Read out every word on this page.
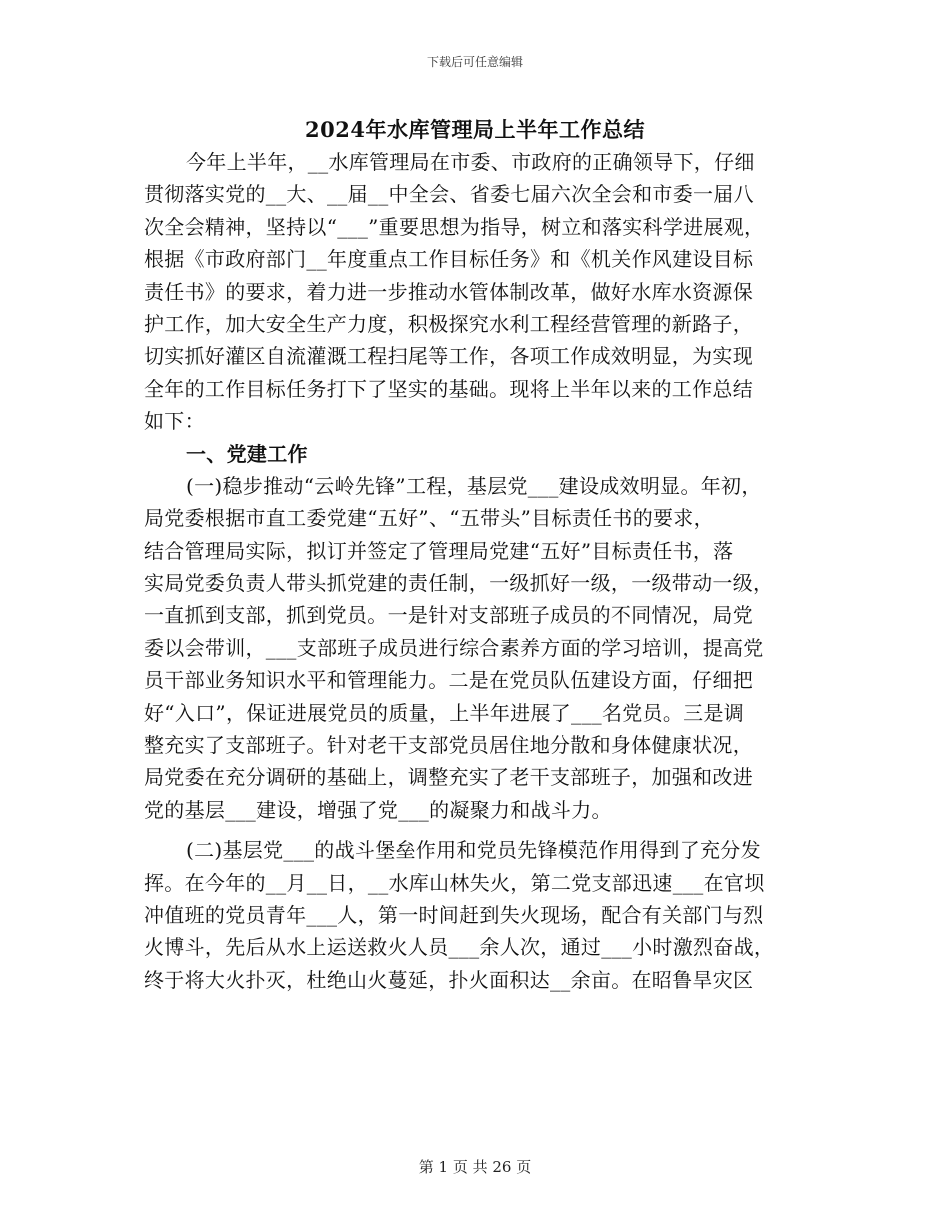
下载后可任意编辑
2024年水库管理局上半年工作总结
今年上半年，__水库管理局在市委、市政府的正确领导下，仔细
贯彻落实党的__大、__届__中全会、省委七届六次全会和市委一届八
次全会精神，坚持以“___”重要思想为指导，树立和落实科学进展观，
根据《市政府部门__年度重点工作目标任务》和《机关作风建设目标
责任书》的要求，着力进一步推动水管体制改革，做好水库水资源保
护工作，加大安全生产力度，积极探究水利工程经营管理的新路子，
切实抓好灌区自流灌溉工程扫尾等工作，各项工作成效明显，为实现
全年的工作目标任务打下了坚实的基础。现将上半年以来的工作总结
如下：
一、党建工作
(一)稳步推动“云岭先锋”工程，基层党___建设成效明显。年初，
局党委根据市直工委党建“五好”、“五带头”目标责任书的要求，
结合管理局实际，拟订并签定了管理局党建“五好”目标责任书，落
实局党委负责人带头抓党建的责任制，一级抓好一级，一级带动一级，
一直抓到支部，抓到党员。一是针对支部班子成员的不同情况，局党
委以会带训，___支部班子成员进行综合素养方面的学习培训，提高党
员干部业务知识水平和管理能力。二是在党员队伍建设方面，仔细把
好“入口”，保证进展党员的质量，上半年进展了___名党员。三是调
整充实了支部班子。针对老干支部党员居住地分散和身体健康状况，
局党委在充分调研的基础上，调整充实了老干支部班子，加强和改进
党的基层___建设，增强了党___的凝聚力和战斗力。
(二)基层党___的战斗堡垒作用和党员先锋模范作用得到了充分发
挥。在今年的__月__日，__水库山林失火，第二党支部迅速___在官坝
冲值班的党员青年___人，第一时间赶到失火现场，配合有关部门与烈
火博斗，先后从水上运送救火人员___余人次，通过___小时激烈奋战，
终于将大火扑灭，杜绝山火蔓延，扑火面积达__余亩。在昭鲁旱灾区
第 1 页 共 26 页
